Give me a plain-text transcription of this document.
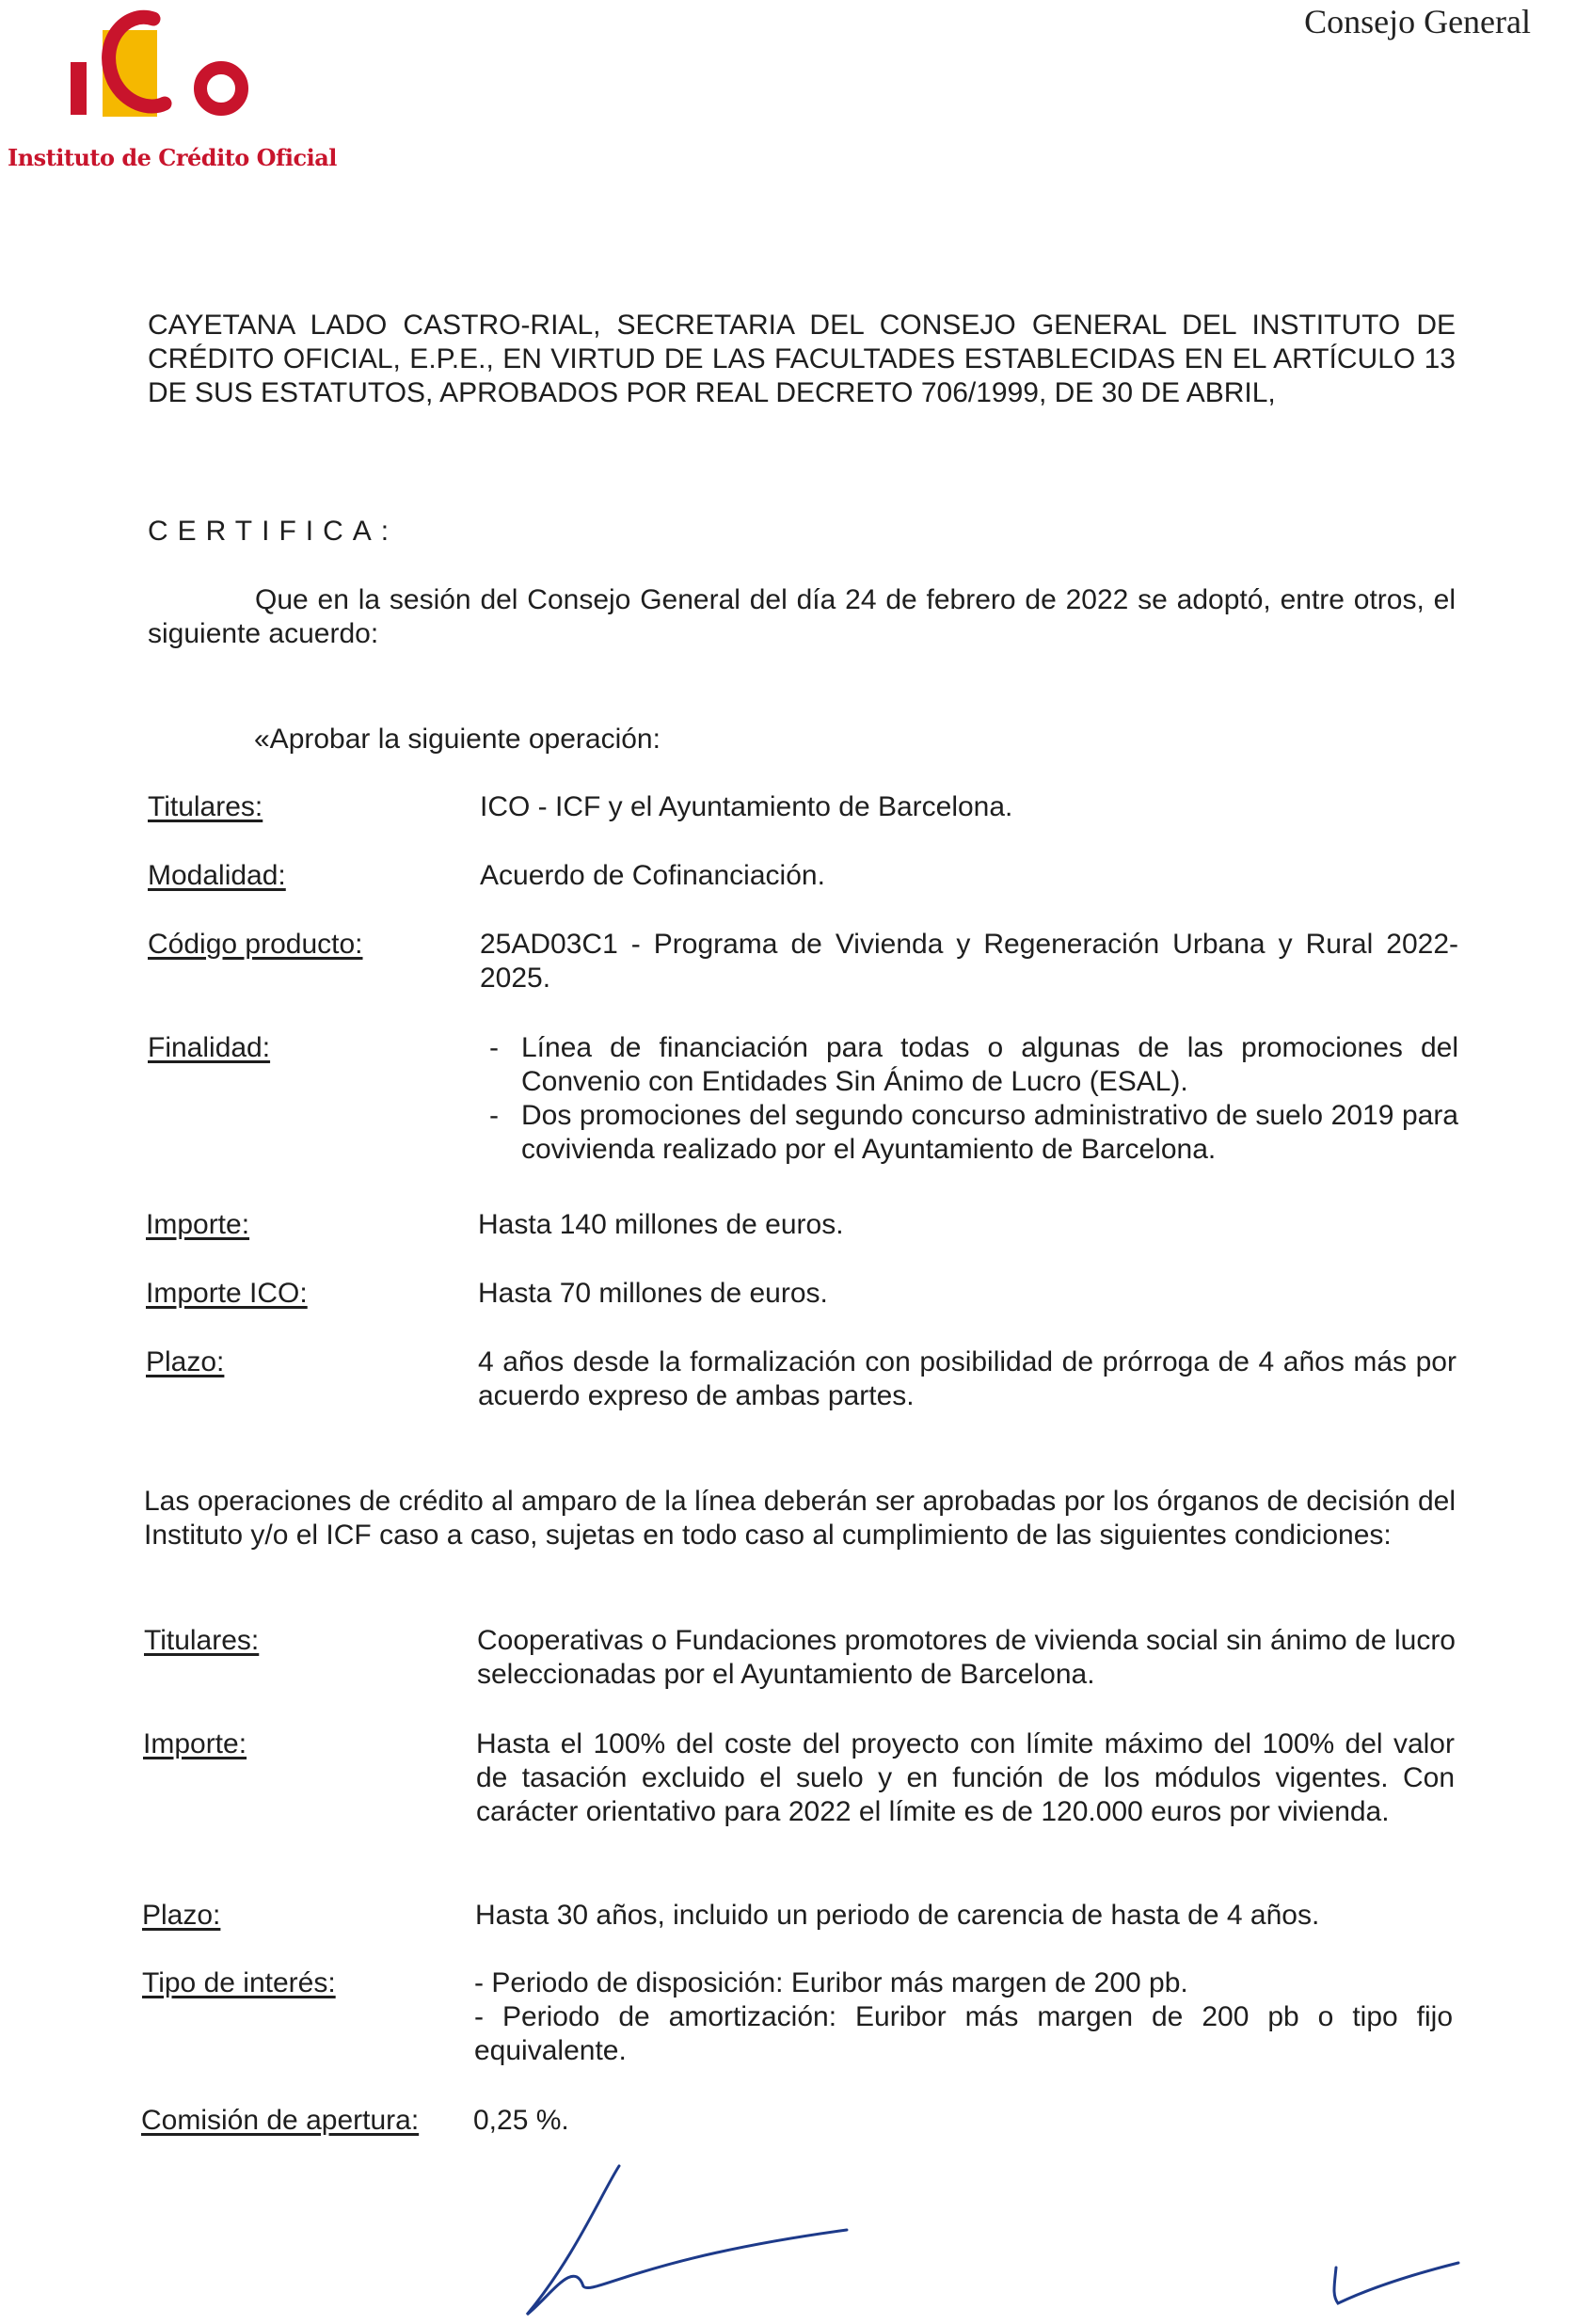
Instituto de Crédito Oficial
Consejo General
CAYETANA LADO CASTRO-RIAL, SECRETARIA DEL CONSEJO GENERAL DEL INSTITUTO DE CRÉDITO OFICIAL, E.P.E., EN VIRTUD DE LAS FACULTADES ESTABLECIDAS EN EL ARTÍCULO 13 DE SUS ESTATUTOS, APROBADOS POR REAL DECRETO 706/1999, DE 30 DE ABRIL,
CERTIFICA:
Que en la sesión del Consejo General del día 24 de febrero de 2022 se adoptó, entre otros, el siguiente acuerdo:
«Aprobar la siguiente operación:
Titulares:	ICO - ICF y el Ayuntamiento de Barcelona.
Modalidad:	Acuerdo de Cofinanciación.
Código producto:	25AD03C1 - Programa de Vivienda y Regeneración Urbana y Rural 2022-2025.
Finalidad:
-	Línea de financiación para todas o algunas de las promociones del Convenio con Entidades Sin Ánimo de Lucro (ESAL).
- Dos promociones del segundo concurso administrativo de suelo 2019 para covivienda realizado por el Ayuntamiento de Barcelona.
Importe:	Hasta 140 millones de euros.
Importe ICO:	Hasta 70 millones de euros.
Plazo:	4 años desde la formalización con posibilidad de prórroga de 4 años más por acuerdo expreso de ambas partes.
Las operaciones de crédito al amparo de la línea deberán ser aprobadas por los órganos de decisión del Instituto y/o el ICF caso a caso, sujetas en todo caso al cumplimiento de las siguientes condiciones:
Titulares:	Cooperativas o Fundaciones promotores de vivienda social sin ánimo de lucro seleccionadas por el Ayuntamiento de Barcelona.
Importe:	Hasta el 100% del coste del proyecto con límite máximo del 100% del valor de tasación excluido el suelo y en función de los módulos vigentes. Con carácter orientativo para 2022 el límite es de 120.000 euros por vivienda.
Plazo:	Hasta 30 años, incluido un periodo de carencia de hasta de 4 años.
Tipo de interés:	- Periodo de disposición: Euribor más margen de 200 pb.
- Periodo de amortización: Euribor más margen de 200 pb o tipo fijo equivalente.
Comisión de apertura: 0,25 %.
